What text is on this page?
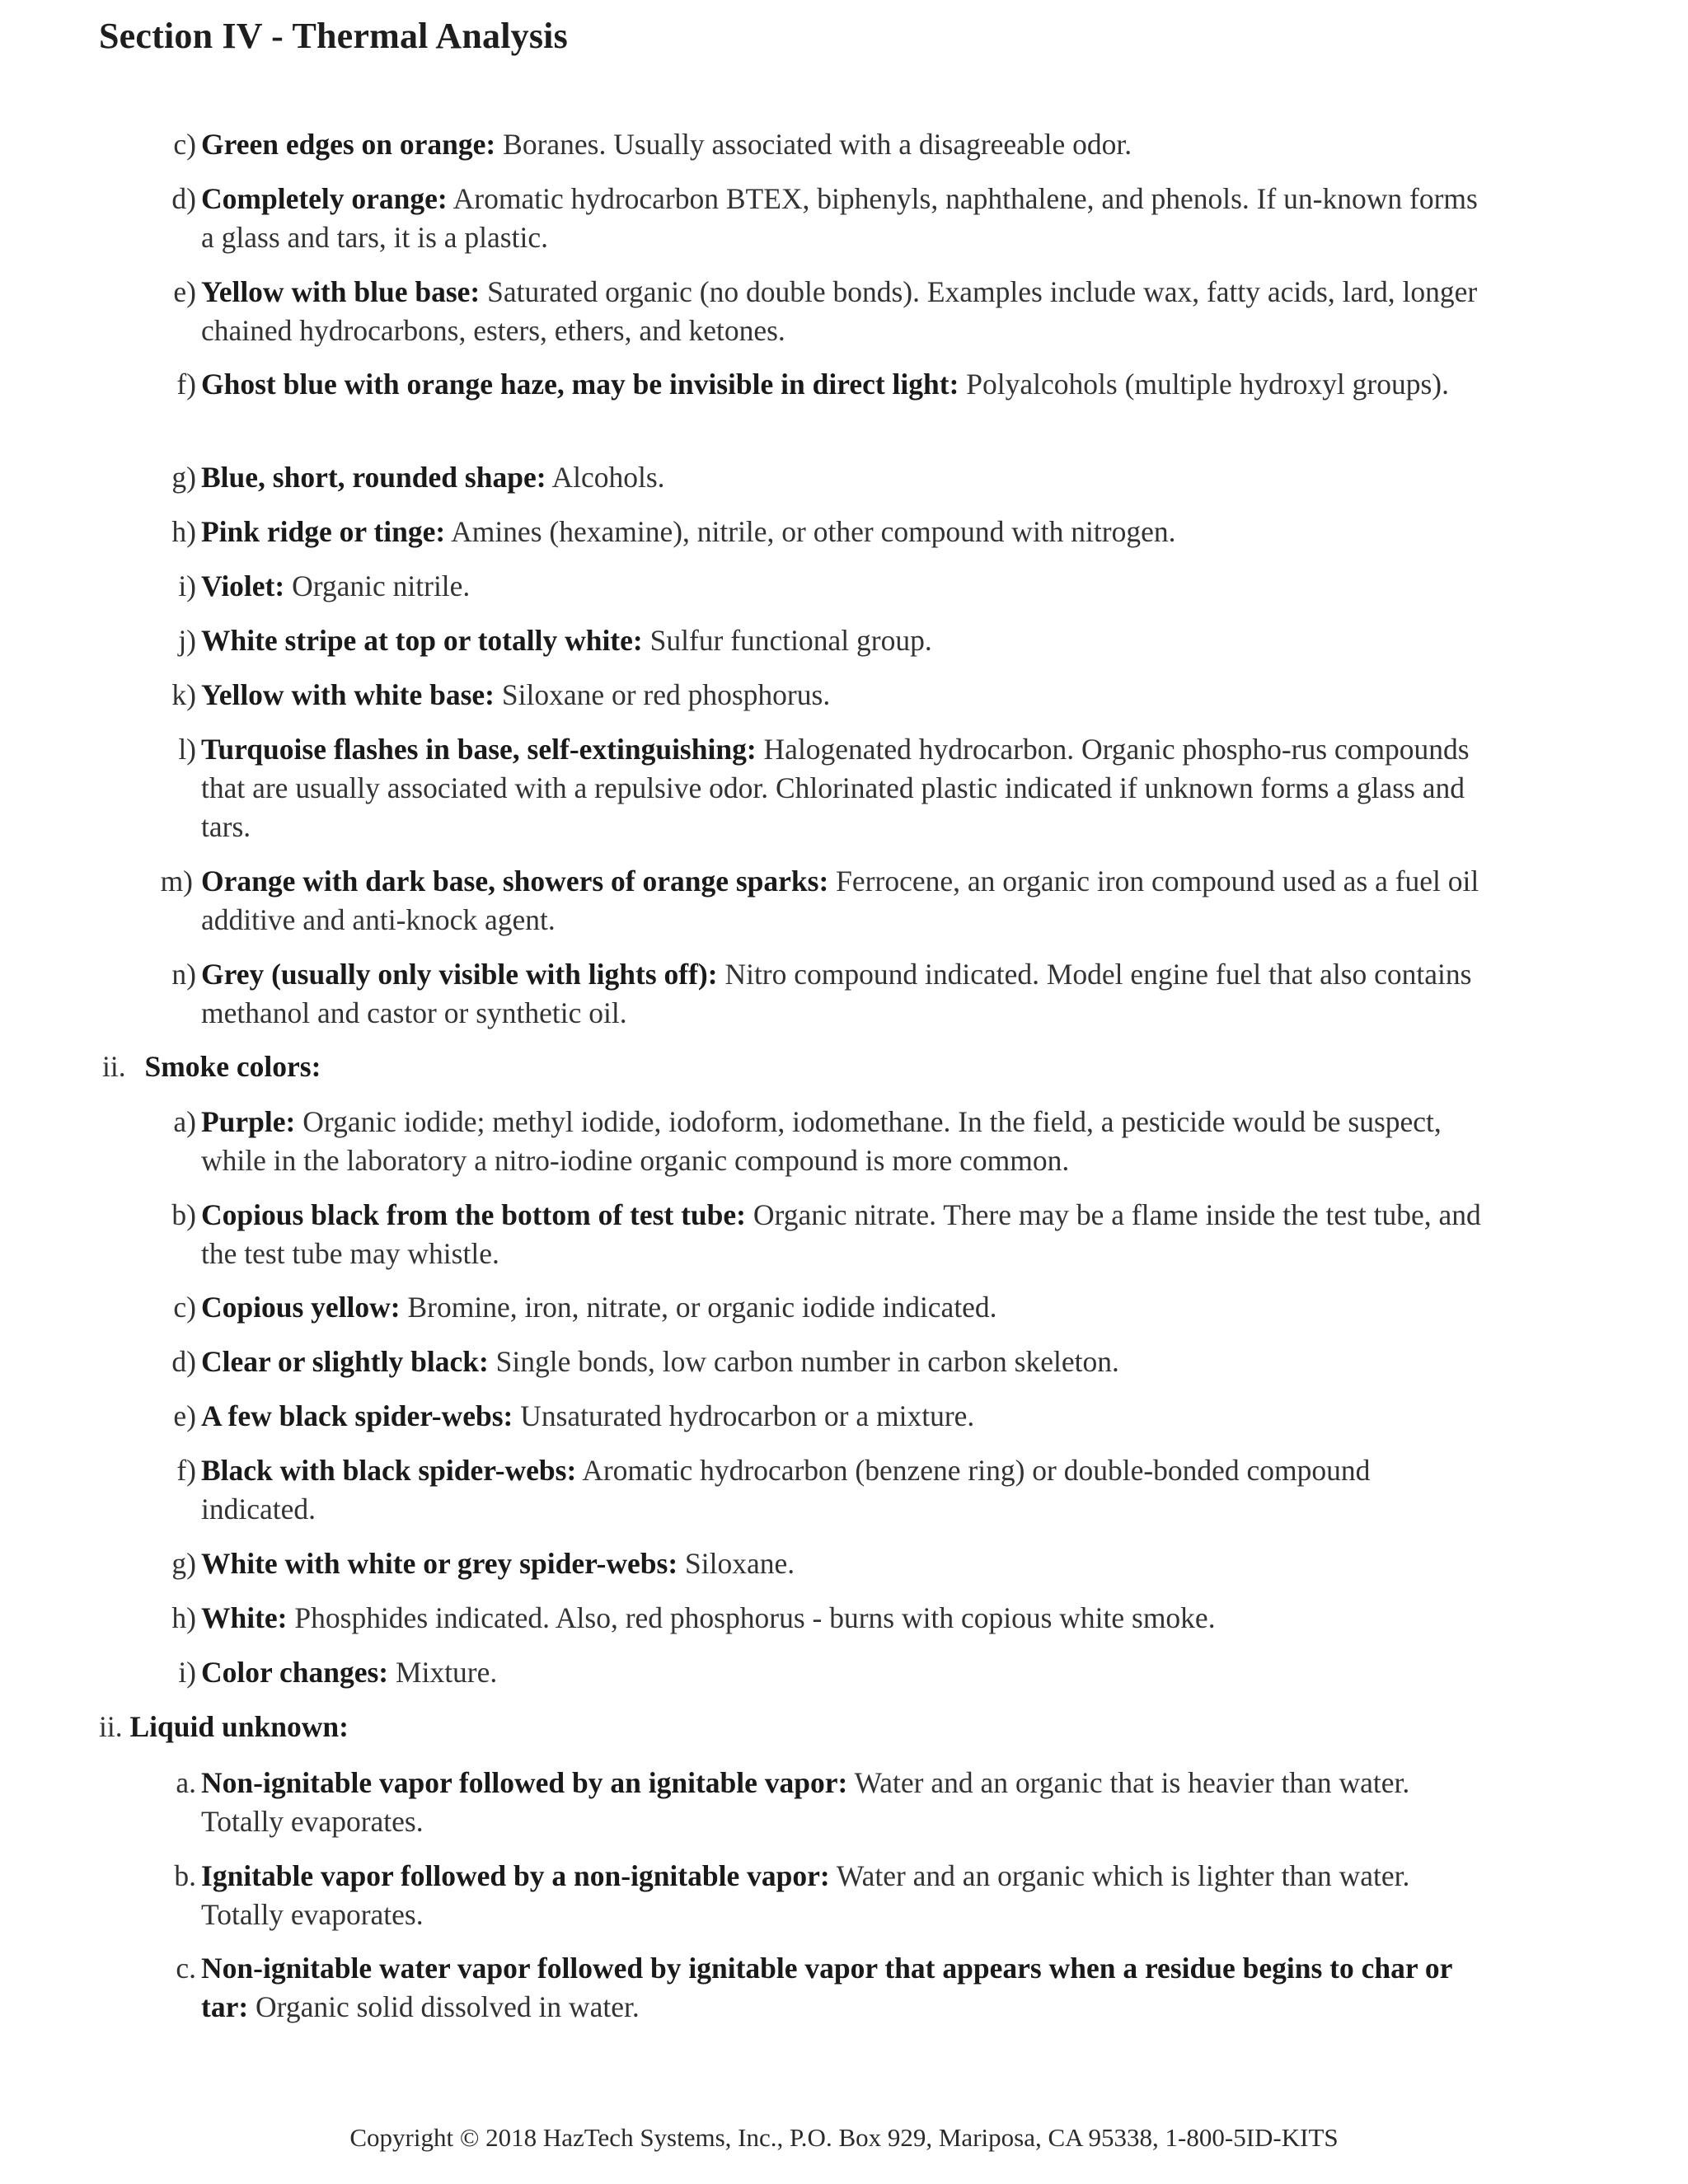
Section IV - Thermal Analysis
c) Green edges on orange: Boranes. Usually associated with a disagreeable odor.
d) Completely orange: Aromatic hydrocarbon BTEX, biphenyls, naphthalene, and phenols. If un-known forms a glass and tars, it is a plastic.
e) Yellow with blue base: Saturated organic (no double bonds). Examples include wax, fatty acids, lard, longer chained hydrocarbons, esters, ethers, and ketones.
f) Ghost blue with orange haze, may be invisible in direct light: Polyalcohols (multiple hydroxyl groups).
g) Blue, short, rounded shape: Alcohols.
h) Pink ridge or tinge: Amines (hexamine), nitrile, or other compound with nitrogen.
i) Violet: Organic nitrile.
j) White stripe at top or totally white: Sulfur functional group.
k) Yellow with white base: Siloxane or red phosphorus.
l) Turquoise flashes in base, self-extinguishing: Halogenated hydrocarbon. Organic phospho-rus compounds that are usually associated with a repulsive odor. Chlorinated plastic indicated if unknown forms a glass and tars.
m) Orange with dark base, showers of orange sparks: Ferrocene, an organic iron compound used as a fuel oil additive and anti-knock agent.
n) Grey (usually only visible with lights off): Nitro compound indicated. Model engine fuel that also contains methanol and castor or synthetic oil.
ii. Smoke colors:
a) Purple: Organic iodide; methyl iodide, iodoform, iodomethane. In the field, a pesticide would be suspect, while in the laboratory a nitro-iodine organic compound is more common.
b) Copious black from the bottom of test tube: Organic nitrate. There may be a flame inside the test tube, and the test tube may whistle.
c) Copious yellow: Bromine, iron, nitrate, or organic iodide indicated.
d) Clear or slightly black: Single bonds, low carbon number in carbon skeleton.
e) A few black spider-webs: Unsaturated hydrocarbon or a mixture.
f) Black with black spider-webs: Aromatic hydrocarbon (benzene ring) or double-bonded compound indicated.
g) White with white or grey spider-webs: Siloxane.
h) White: Phosphides indicated. Also, red phosphorus - burns with copious white smoke.
i) Color changes: Mixture.
ii. Liquid unknown:
a. Non-ignitable vapor followed by an ignitable vapor: Water and an organic that is heavier than water. Totally evaporates.
b. Ignitable vapor followed by a non-ignitable vapor: Water and an organic which is lighter than water. Totally evaporates.
c. Non-ignitable water vapor followed by ignitable vapor that appears when a residue begins to char or tar: Organic solid dissolved in water.
Copyright © 2018 HazTech Systems, Inc., P.O. Box 929, Mariposa, CA 95338, 1-800-5ID-KITS
